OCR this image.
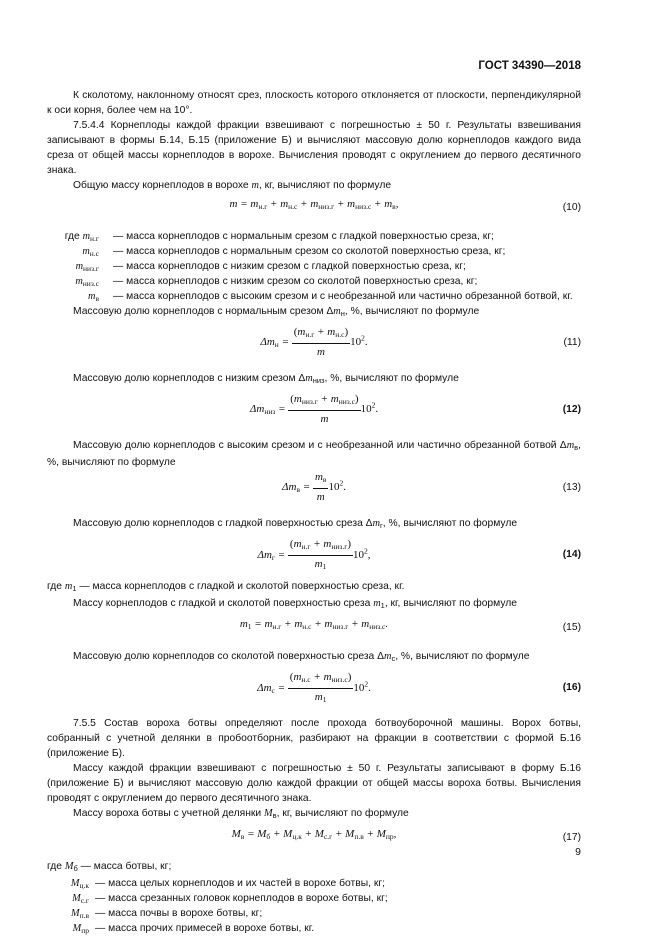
ГОСТ 34390—2018

К сколотому, наклонному относят срез, плоскость которого отклоняется от плоскости, перпендикулярной к оси корня, более чем на 10°.

7.5.4.4 Корнеплоды каждой фракции взвешивают с погрешностью ± 50 г. Результаты взвешивания записывают в формы Б.14, Б.15 (приложение Б) и вычисляют массовую долю корнеплодов каждого вида среза от общей массы корнеплодов в ворохе. Вычисления проводят с округлением до первого десятичного знака.

Общую массу корнеплодов в ворохе m, кг, вычисляют по формуле

$m = m_{н.г} + m_{н.с} + m_{низ.г} + m_{низ.с} + m_в$,	(10)
где $m_{н.г}$ — масса корнеплодов с нормальным срезом с гладкой поверхностью среза, кг;
$m_{н.с}$ — масса корнеплодов с нормальным срезом со сколотой поверхностью среза, кг;
$m_{низ.г}$ — масса корнеплодов с низким срезом с гладкой поверхностью среза, кг;
$m_{низ.с}$ — масса корнеплодов с низким срезом со сколотой поверхностью среза, кг;
$m_в$ — масса корнеплодов с высоким срезом и с необрезанной или частично обрезанной ботвой, кг.

Массовую долю корнеплодов с нормальным срезом $\Delta m_н$, %, вычисляют по формуле

$\Delta m_н = \frac{(m_{н.г} + m_{н.с})}{m} 10^2$.	(11)

Массовую долю корнеплодов с низким срезом $\Delta m_{низ}$, %, вычисляют по формуле

$\Delta m_{низ} = \frac{(m_{низ.г} + m_{низ.с})}{m} 10^2$.	(12)

Массовую долю корнеплодов с высоким срезом и с необрезанной или частично обрезанной ботвой $\Delta m_в$, %, вычисляют по формуле

$\Delta m_в = \frac{m_в}{m} 10^2$.	(13)

Массовую долю корнеплодов с гладкой поверхностью среза $\Delta m_г$, %, вычисляют по формуле

$\Delta m_г = \frac{(m_{н.г} + m_{низ.г})}{m_1} 10^2$,	(14)

где $m_1$ — масса корнеплодов с гладкой и сколотой поверхностью среза, кг.

Массу корнеплодов с гладкой и сколотой поверхностью среза $m_1$, кг, вычисляют по формуле

$m_1 = m_{н.г} + m_{н.с} + m_{низ.г} + m_{низ.с}$.	(15)

Массовую долю корнеплодов со сколотой поверхностью среза $\Delta m_с$, %, вычисляют по формуле

$\Delta m_с = \frac{(m_{н.с} + m_{низ.с})}{m_1} 10^2$.	(16)

7.5.5 Состав вороха ботвы определяют после прохода ботвоуборочной машины. Ворох ботвы, собранный с учетной делянки в пробоотборник, разбирают на фракции в соответствии с формой Б.16 (приложение Б).

Массу каждой фракции взвешивают с погрешностью ± 50 г. Результаты записывают в форму Б.16 (приложение Б) и вычисляют массовую долю каждой фракции от общей массы вороха ботвы. Вычисления проводят с округлением до первого десятичного знака.

Массу вороха ботвы с учетной делянки $M_в$, кг, вычисляют по формуле

$M_в = M_б + M_{ц.к} + M_{с.г} + M_{п.в} + M_{пр}$,	(17)
где $M_б$ — масса ботвы, кг;
$M_{ц.к}$ — масса целых корнеплодов и их частей в ворохе ботвы, кг;
$M_{с.г}$ — масса срезанных головок корнеплодов в ворохе ботвы, кг;
$M_{п.в}$ — масса почвы в ворохе ботвы, кг;
$M_{пр}$ — масса прочих примесей в ворохе ботвы, кг.
9
